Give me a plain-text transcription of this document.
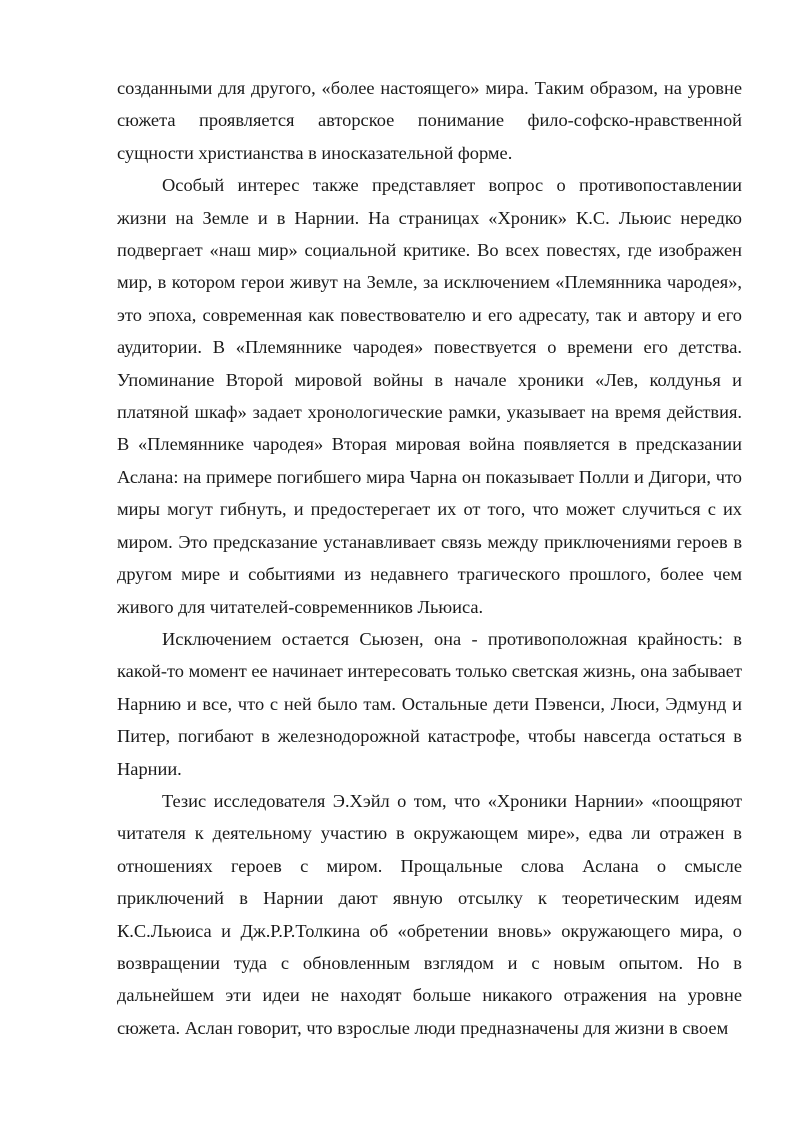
созданными для другого, «более настоящего» мира. Таким образом, на уровне сюжета проявляется авторское понимание фило-софско-нравственной сущности христианства в иносказательной форме.

Особый интерес также представляет вопрос о противопоставлении жизни на Земле и в Нарнии. На страницах «Хроник» К.С. Льюис нередко подвергает «наш мир» социальной критике. Во всех повестях, где изображен мир, в котором герои живут на Земле, за исключением «Племянника чародея», это эпоха, современная как повествователю и его адресату, так и автору и его аудитории. В «Племяннике чародея» повествуется о времени его детства. Упоминание Второй мировой войны в начале хроники «Лев, колдунья и платяной шкаф» задает хронологические рамки, указывает на время действия. В «Племяннике чародея» Вторая мировая война появляется в предсказании Аслана: на примере погибшего мира Чарна он показывает Полли и Дигори, что миры могут гибнуть, и предостерегает их от того, что может случиться с их миром. Это предсказание устанавливает связь между приключениями героев в другом мире и событиями из недавнего трагического прошлого, более чем живого для читателей-современников Льюиса.

Исключением остается Сьюзен, она - противоположная крайность: в какой-то момент ее начинает интересовать только светская жизнь, она забывает Нарнию и все, что с ней было там. Остальные дети Пэвенси, Люси, Эдмунд и Питер, погибают в железнодорожной катастрофе, чтобы навсегда остаться в Нарнии.

Тезис исследователя Э.Хэйл о том, что «Хроники Нарнии» «поощряют читателя к деятельному участию в окружающем мире», едва ли отражен в отношениях героев с миром. Прощальные слова Аслана о смысле приключений в Нарнии дают явную отсылку к теоретическим идеям К.С.Льюиса и Дж.Р.Р.Толкина об «обретении вновь» окружающего мира, о возвращении туда с обновленным взглядом и с новым опытом. Но в дальнейшем эти идеи не находят больше никакого отражения на уровне сюжета. Аслан говорит, что взрослые люди предназначены для жизни в своем
